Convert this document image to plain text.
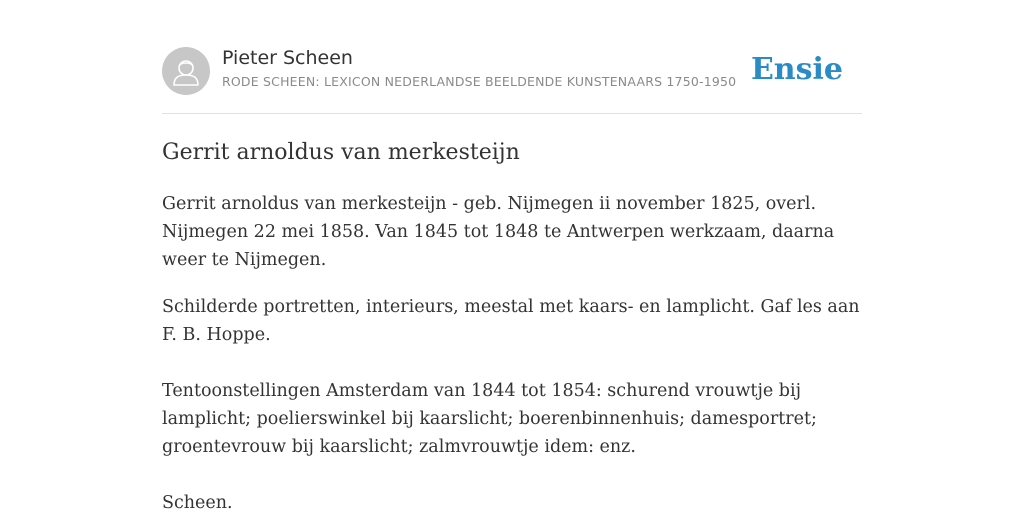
Pieter Scheen
RODE SCHEEN: LEXICON NEDERLANDSE BEELDENDE KUNSTENAARS 1750-1950 Ensie
Gerrit arnoldus van merkesteijn

Gerrit arnoldus van merkesteijn - geb. Nijmegen ii november 1825, overl. Nijmegen 22 mei 1858. Van 1845 tot 1848 te Antwerpen werkzaam, daarna weer te Nijmegen.

Schilderde portretten, interieurs, meestal met kaars- en lamplicht. Gaf les aan F. B. Hoppe.

Tentoonstellingen Amsterdam van 1844 tot 1854: schurend vrouwtje bij lamplicht; poelierswinkel bij kaarslicht; boerenbinnenhuis; damesportret; groentevrouw bij kaarslicht; zalmvrouwtje idem: enz.

Scheen.
